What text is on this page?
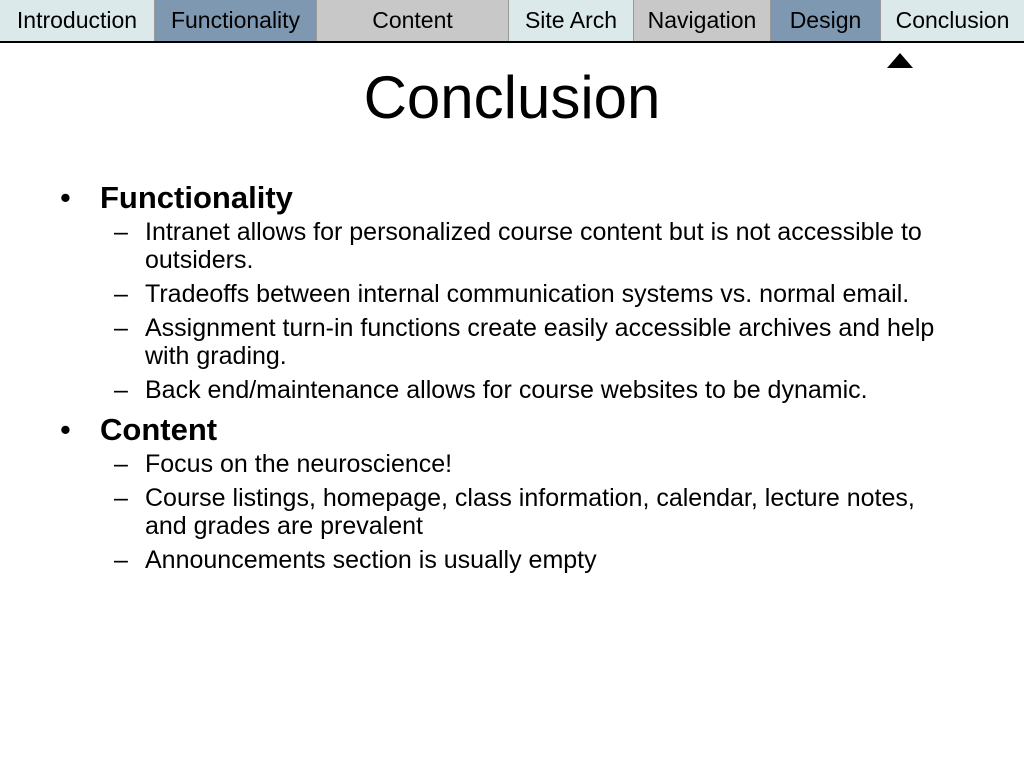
Introduction	Functionality	Content	Site Arch	Navigation	Design	Conclusion
Conclusion
• Functionality
– Intranet allows for personalized course content but is not accessible to outsiders.
– Tradeoffs between internal communication systems vs. normal email.
– Assignment turn-in functions create easily accessible archives and help with grading.
– Back end/maintenance allows for course websites to be dynamic.
• Content
– Focus on the neuroscience!
– Course listings, homepage, class information, calendar, lecture notes, and grades are prevalent
– Announcements section is usually empty
